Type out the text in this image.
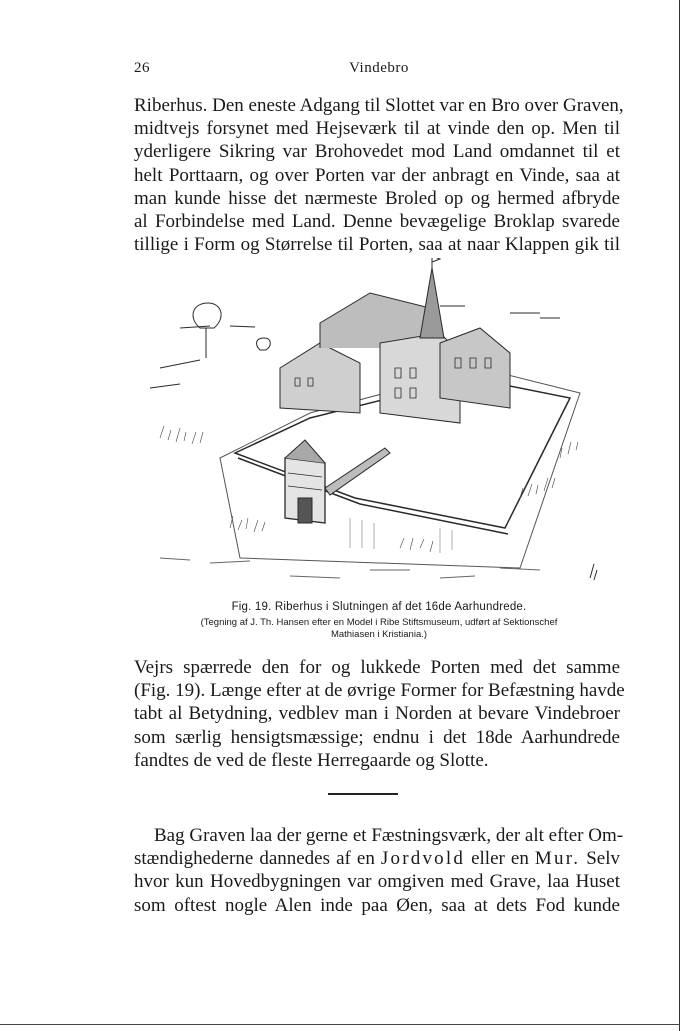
26	Vindebro
Riberhus. Den eneste Adgang til Slottet var en Bro over Graven,
midtvejs forsynet med Hejseværk til at vinde den op. Men til
yderligere Sikring var Brohovedet mod Land omdannet til et
helt Porttaarn, og over Porten var der anbragt en Vinde, saa at
man kunde hisse det nærmeste Broled op og hermed afbryde
al Forbindelse med Land. Denne bevægelige Broklap svarede
tillige i Form og Størrelse til Porten, saa at naar Klappen gik til
Fig. 19. Riberhus i Slutningen af det 16de Aarhundrede.
(Tegning af J. Th. Hansen efter en Model i Ribe Stiftsmuseum, udført af Sektionschef
Mathiasen i Kristiania.)
Vejrs spærrede den for og lukkede Porten med det samme
(Fig. 19). Længe efter at de øvrige Former for Befæstning havde
tabt al Betydning, vedblev man i Norden at bevare Vindebroer
som særlig hensigtsmæssige; endnu i det 18de Aarhundrede
fandtes de ved de fleste Herregaarde og Slotte.
Bag Graven laa der gerne et Fæstningsværk, der alt efter Om-
stændighederne dannedes af en Jordvold eller en Mur. Selv
hvor kun Hovedbygningen var omgiven med Grave, laa Huset
som oftest nogle Alen inde paa Øen, saa at dets Fod kunde
